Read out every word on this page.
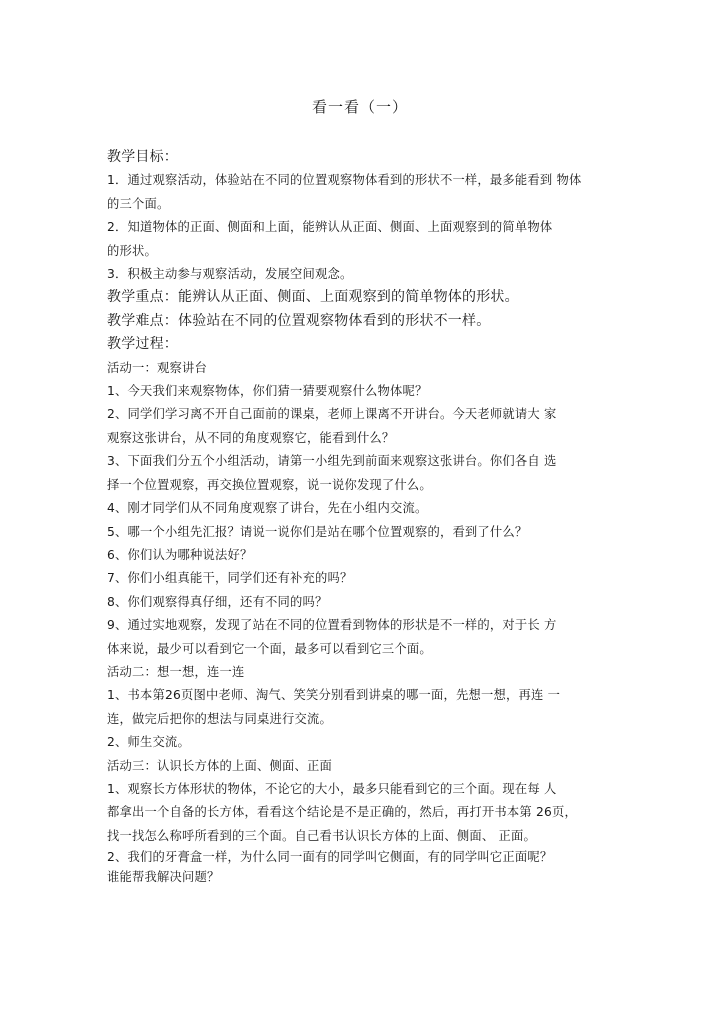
看一看（一）
教学目标：
1．通过观察活动，体验站在不同的位置观察物体看到的形状不一样，最多能看到 物体
的三个面。
2．知道物体的正面、侧面和上面，能辨认从正面、侧面、上面观察到的简单物体
的形状。
3．积极主动参与观察活动，发展空间观念。
教学重点：能辨认从正面、侧面、上面观察到的简单物体的形状。
教学难点：体验站在不同的位置观察物体看到的形状不一样。
教学过程：
活动一：观察讲台
1、今天我们来观察物体，你们猜一猜要观察什么物体呢？
2、同学们学习离不开自己面前的课桌，老师上课离不开讲台。今天老师就请大 家
观察这张讲台，从不同的角度观察它，能看到什么？
3、下面我们分五个小组活动，请第一小组先到前面来观察这张讲台。你们各自 选
择一个位置观察，再交换位置观察，说一说你发现了什么。
4、刚才同学们从不同角度观察了讲台，先在小组内交流。
5、哪一个小组先汇报？请说一说你们是站在哪个位置观察的，看到了什么？
6、你们认为哪种说法好？
7、你们小组真能干，同学们还有补充的吗？
8、你们观察得真仔细，还有不同的吗？
9、通过实地观察，发现了站在不同的位置看到物体的形状是不一样的，对于长 方
体来说，最少可以看到它一个面，最多可以看到它三个面。
活动二：想一想，连一连
1、书本第26页图中老师、淘气、笑笑分别看到讲桌的哪一面，先想一想，再连 一
连，做完后把你的想法与同桌进行交流。
2、师生交流。
活动三：认识长方体的上面、侧面、正面
1、观察长方体形状的物体，不论它的大小，最多只能看到它的三个面。现在每 人
都拿出一个自备的长方体，看看这个结论是不是正确的，然后，再打开书本第 26页，
找一找怎么称呼所看到的三个面。自己看书认识长方体的上面、侧面、 正面。
2、我们的牙膏盒一样，为什么同一面有的同学叫它侧面，有的同学叫它正面呢？
谁能帮我解决问题？
